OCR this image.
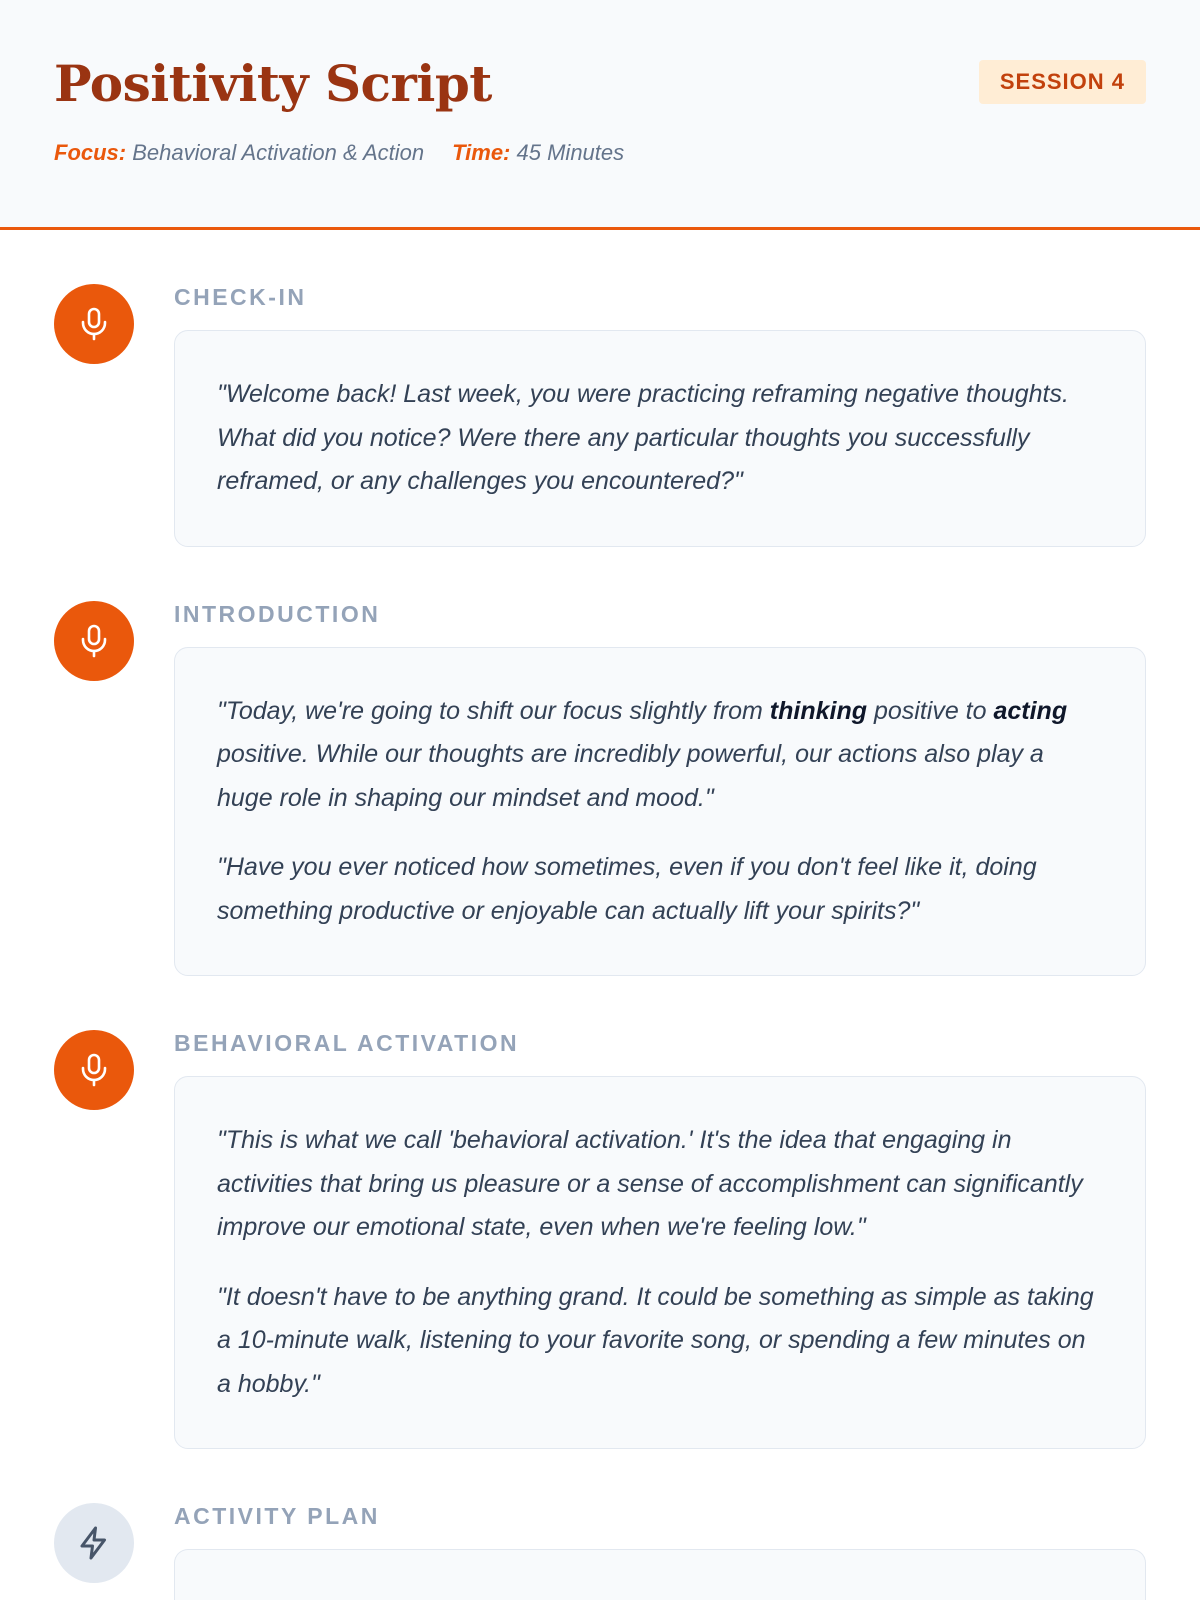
Positivity Script	SESSION 4
Focus: Behavioral Activation & Action Time: 45 Minutes
CHECK-IN

"Welcome back! Last week, you were practicing reframing negative thoughts. What did you notice? Were there any particular thoughts you successfully reframed, or any challenges you encountered?"

INTRODUCTION

"Today, we're going to shift our focus slightly from thinking positive to acting positive. While our thoughts are incredibly powerful, our actions also play a huge role in shaping our mindset and mood."

"Have you ever noticed how sometimes, even if you don't feel like it, doing something productive or enjoyable can actually lift your spirits?"

BEHAVIORAL ACTIVATION

"This is what we call 'behavioral activation.' It's the idea that engaging in activities that bring us pleasure or a sense of accomplishment can significantly improve our emotional state, even when we're feeling low."

"It doesn't have to be anything grand. It could be something as simple as taking a 10-minute walk, listening to your favorite song, or spending a few minutes on a hobby."

ACTIVITY PLAN
